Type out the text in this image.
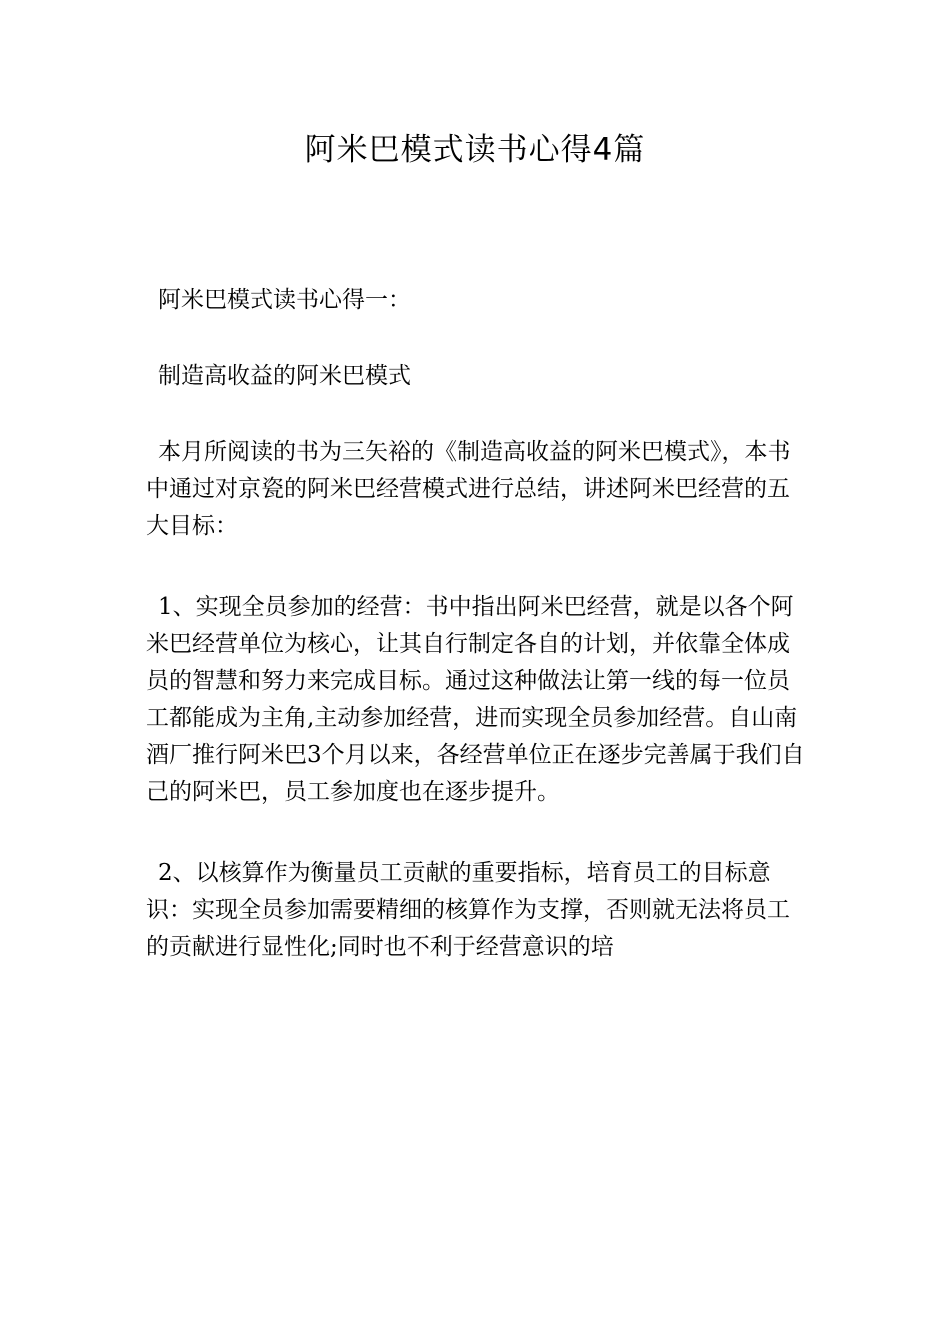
阿米巴模式读书心得4篇

阿米巴模式读书心得一：

制造高收益的阿米巴模式

本月所阅读的书为三矢裕的《制造高收益的阿米巴模式》，本书中通过对京瓷的阿米巴经营模式进行总结，讲述阿米巴经营的五大目标：

1、实现全员参加的经营：书中指出阿米巴经营，就是以各个阿米巴经营单位为核心，让其自行制定各自的计划，并依靠全体成员的智慧和努力来完成目标。通过这种做法让第一线的每一位员工都能成为主角,主动参加经营，进而实现全员参加经营。自山南酒厂推行阿米巴3个月以来，各经营单位正在逐步完善属于我们自己的阿米巴，员工参加度也在逐步提升。

2、以核算作为衡量员工贡献的重要指标，培育员工的目标意识：实现全员参加需要精细的核算作为支撑，否则就无法将员工的贡献进行显性化;同时也不利于经营意识的培
